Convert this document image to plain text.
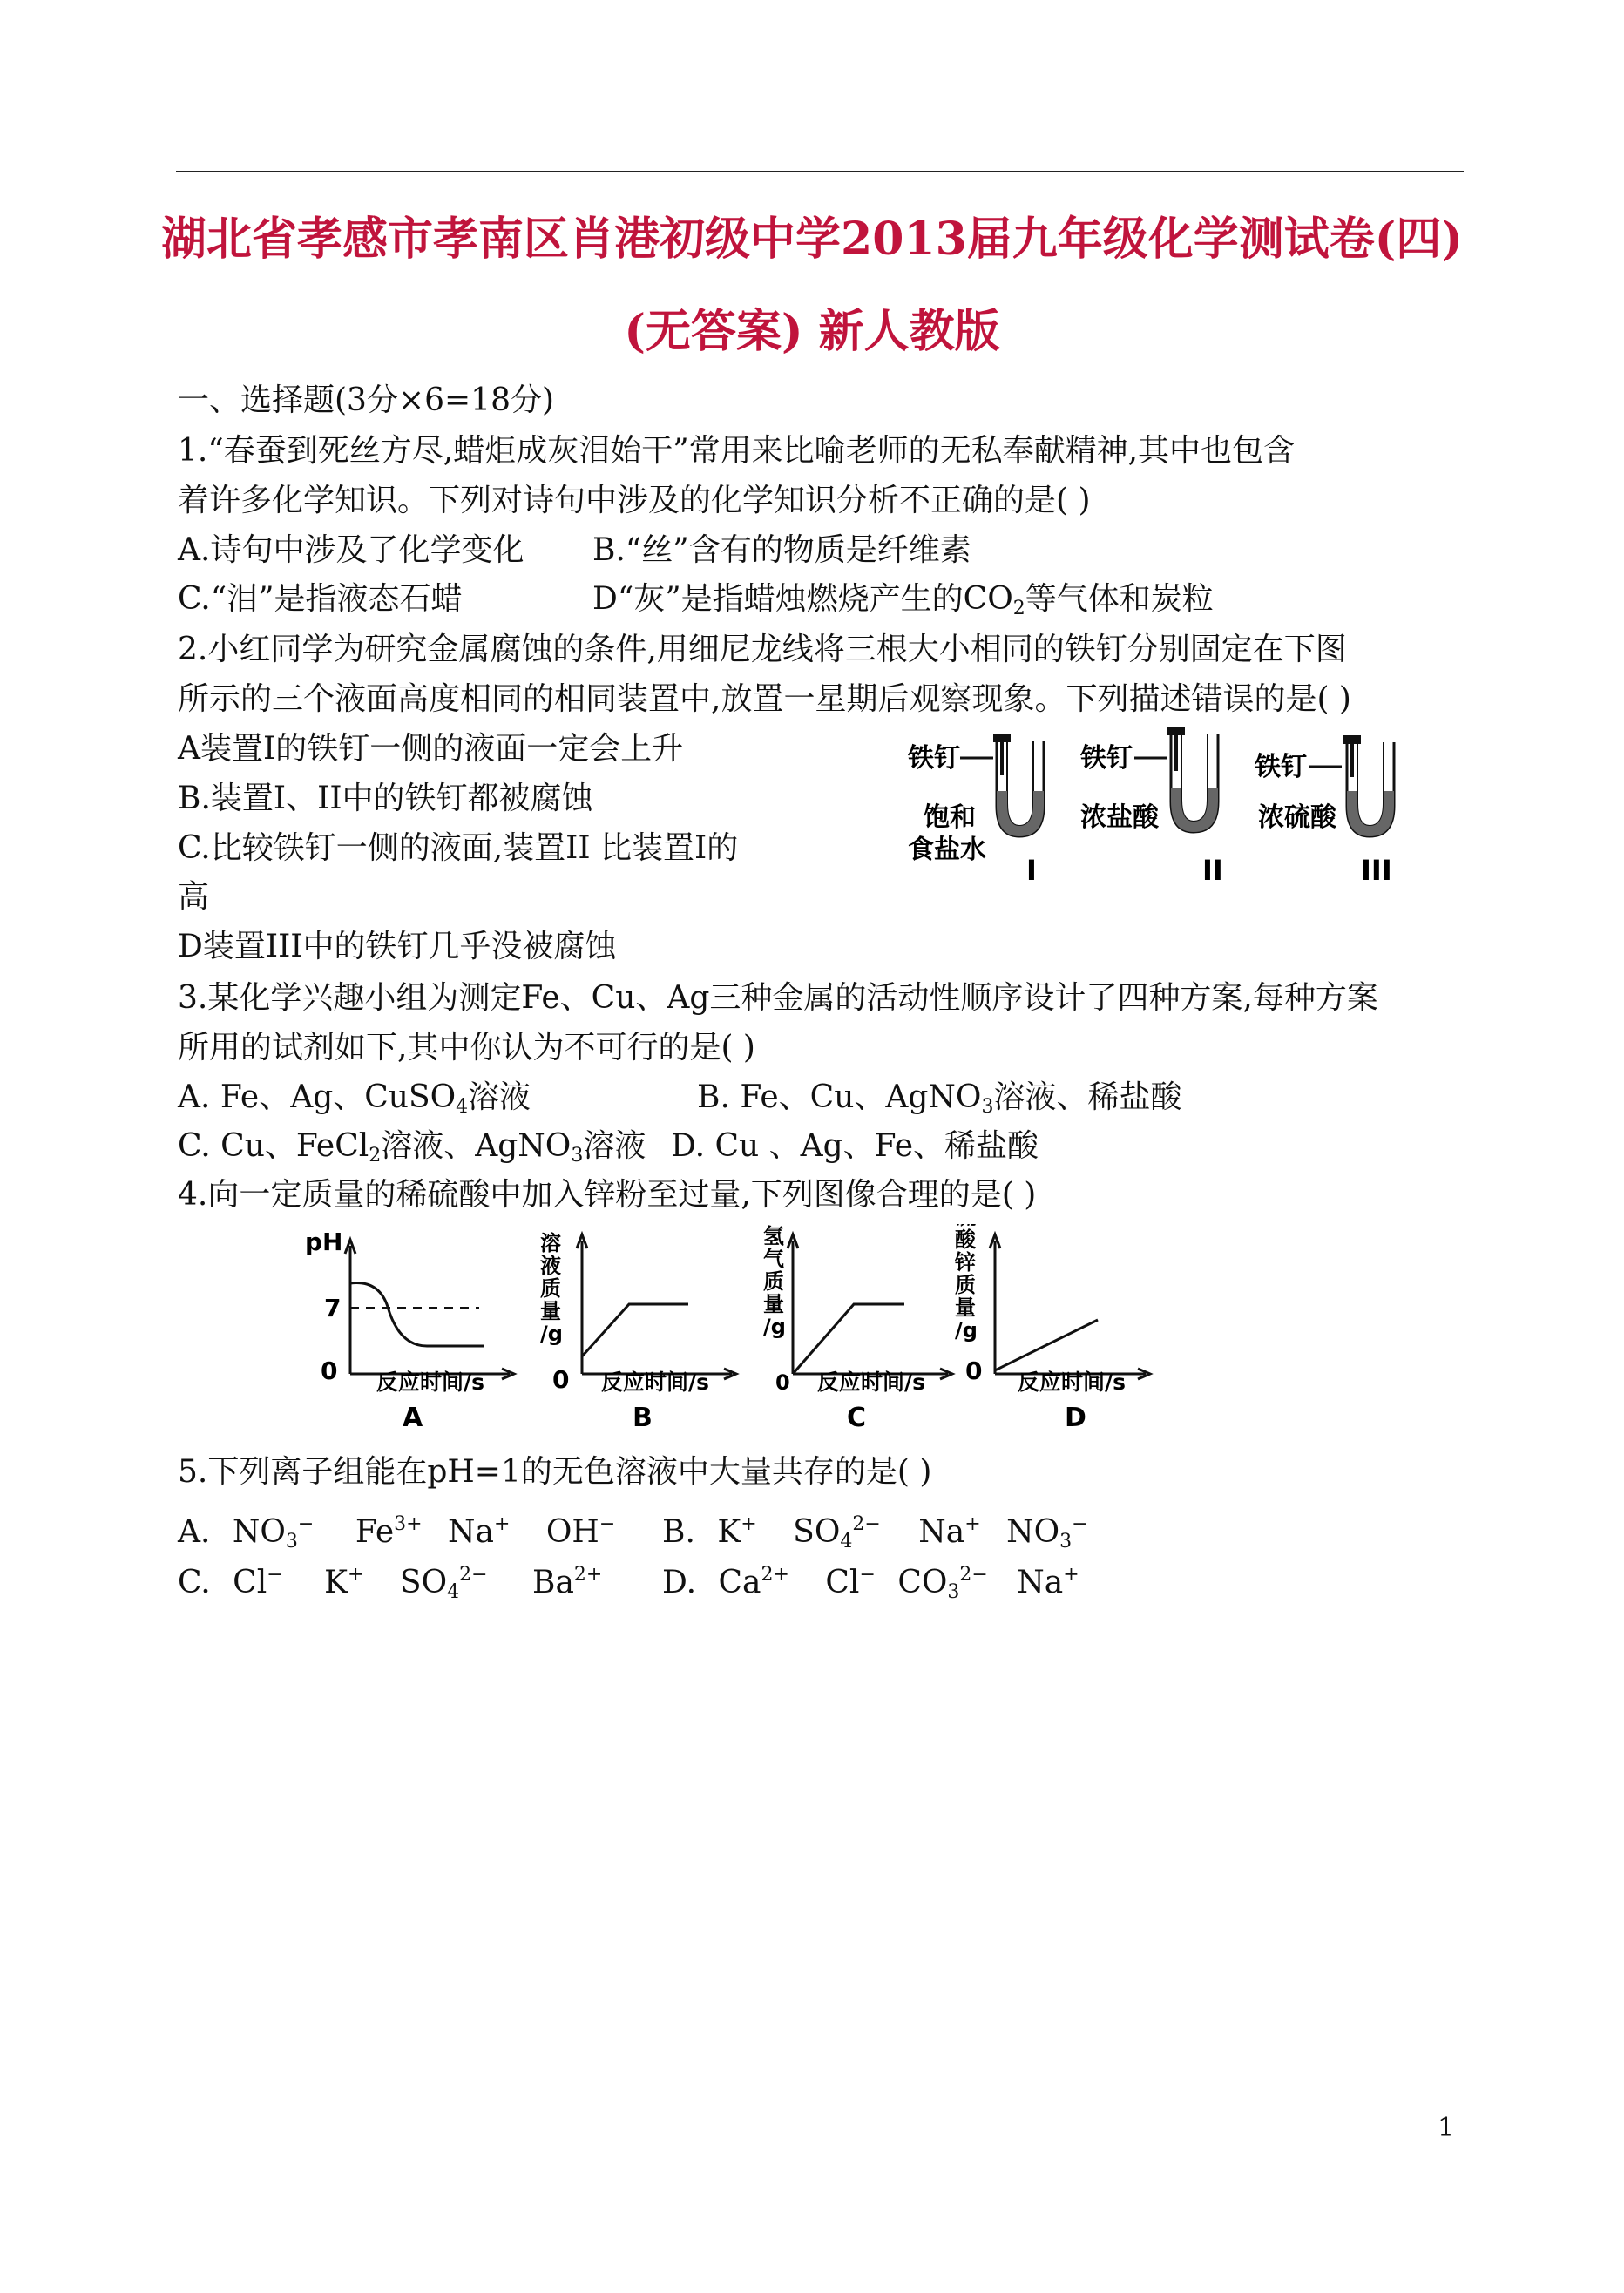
湖北省孝感市孝南区肖港初级中学2013届九年级化学测试卷(四)
(无答案) 新人教版
一、选择题(3分×6=18分)
1.“春蚕到死丝方尽,蜡炬成灰泪始干”常用来比喻老师的无私奉献精神,其中也包含
着许多化学知识。下列对诗句中涉及的化学知识分析不正确的是( )
A.诗句中涉及了化学变化 B.“丝”含有的物质是纤维素
C.“泪”是指液态石蜡	D“灰”是指蜡烛燃烧产生的$CO_2$等气体和炭粒
2.小红同学为研究金属腐蚀的条件,用细尼龙线将三根大小相同的铁钉分别固定在下图
所示的三个液面高度相同的相同装置中,放置一星期后观察现象。下列描述错误的是( )
A装置I的铁钉一侧的液面一定会上升
B.装置I、II中的铁钉都被腐蚀
C.比较铁钉一侧的液面,装置II 比装置I的
高
D装置III中的铁钉几乎没被腐蚀
铁钉
饱和
食盐水
I
铁钉
浓盐酸
II
铁钉
浓硫酸
III
3.某化学兴趣小组为测定Fe、Cu、Ag三种金属的活动性顺序设计了四种方案,每种方案
所用的试剂如下,其中你认为不可行的是( )
A. Fe、Ag、CuSO$_4$溶液	B. Fe、Cu、AgNO$_3$溶液、稀盐酸
C. Cu、FeCl$_2$溶液、AgNO$_3$溶液 D. Cu 、Ag、Fe、稀盐酸
4.向一定质量的稀硫酸中加入锌粉至过量,下列图像合理的是( )
pH
7
0 反应时间/s
A
溶液质量/g
0 反应时间/s
B
氢气质量/g
0 反应时间/s
C
酸锌质量/g
0 反应时间/s
D
5.下列离子组能在pH=1的无色溶液中大量共存的是( )
A. $NO_3^-$ $Fe^{3+}$ Na+ OH− B. K+ $SO_4^{2-}$ Na+ $NO_3^-$
C. Cl− K+ $SO_4^{2-}$ $Ba^{2+}$ D. $Ca^{2+}$ Cl− $CO_3^{2-}$ Na+
1
